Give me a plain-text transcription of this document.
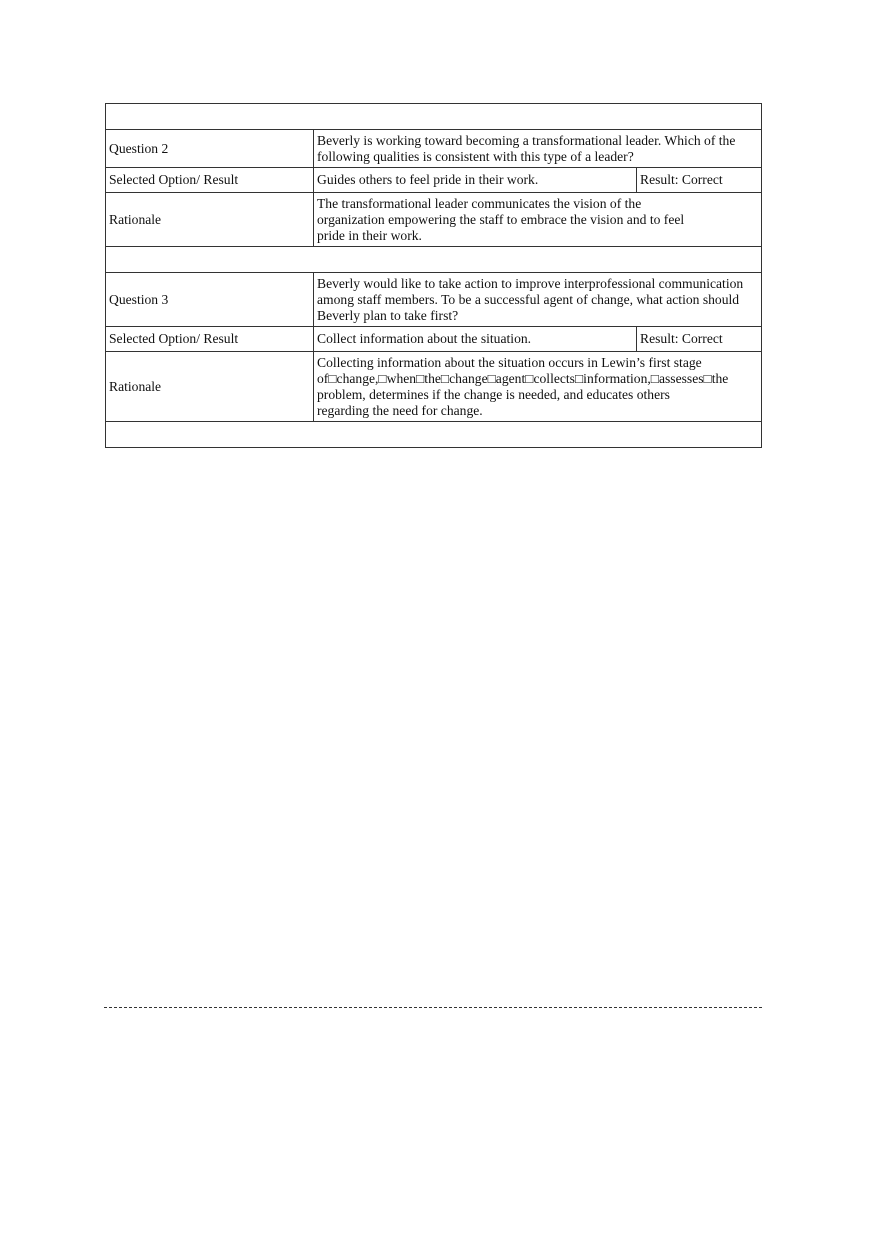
Question 2	Beverly is working toward becoming a transformational leader. Which of the following qualities is consistent with this type of a leader?	

Selected Option/ Result	Guides others to feel pride in their work.	Result: Correct
Rationale	The transformational leader communicates the vision of the
organization empowering the staff to embrace the vision and to feel
pride in their work.	

Question 3	Beverly would like to take action to improve interprofessional communication among staff members. To be a successful agent of change, what action should Beverly plan to take first?	

Selected Option/ Result	Collect information about the situation.	Result: Correct
Rationale	Collecting information about the situation occurs in Lewin’s first stage
of□change,□when□the□change□agent□collects□information,□assesses□the
problem, determines if the change is needed, and educates others
regarding the need for change.	
